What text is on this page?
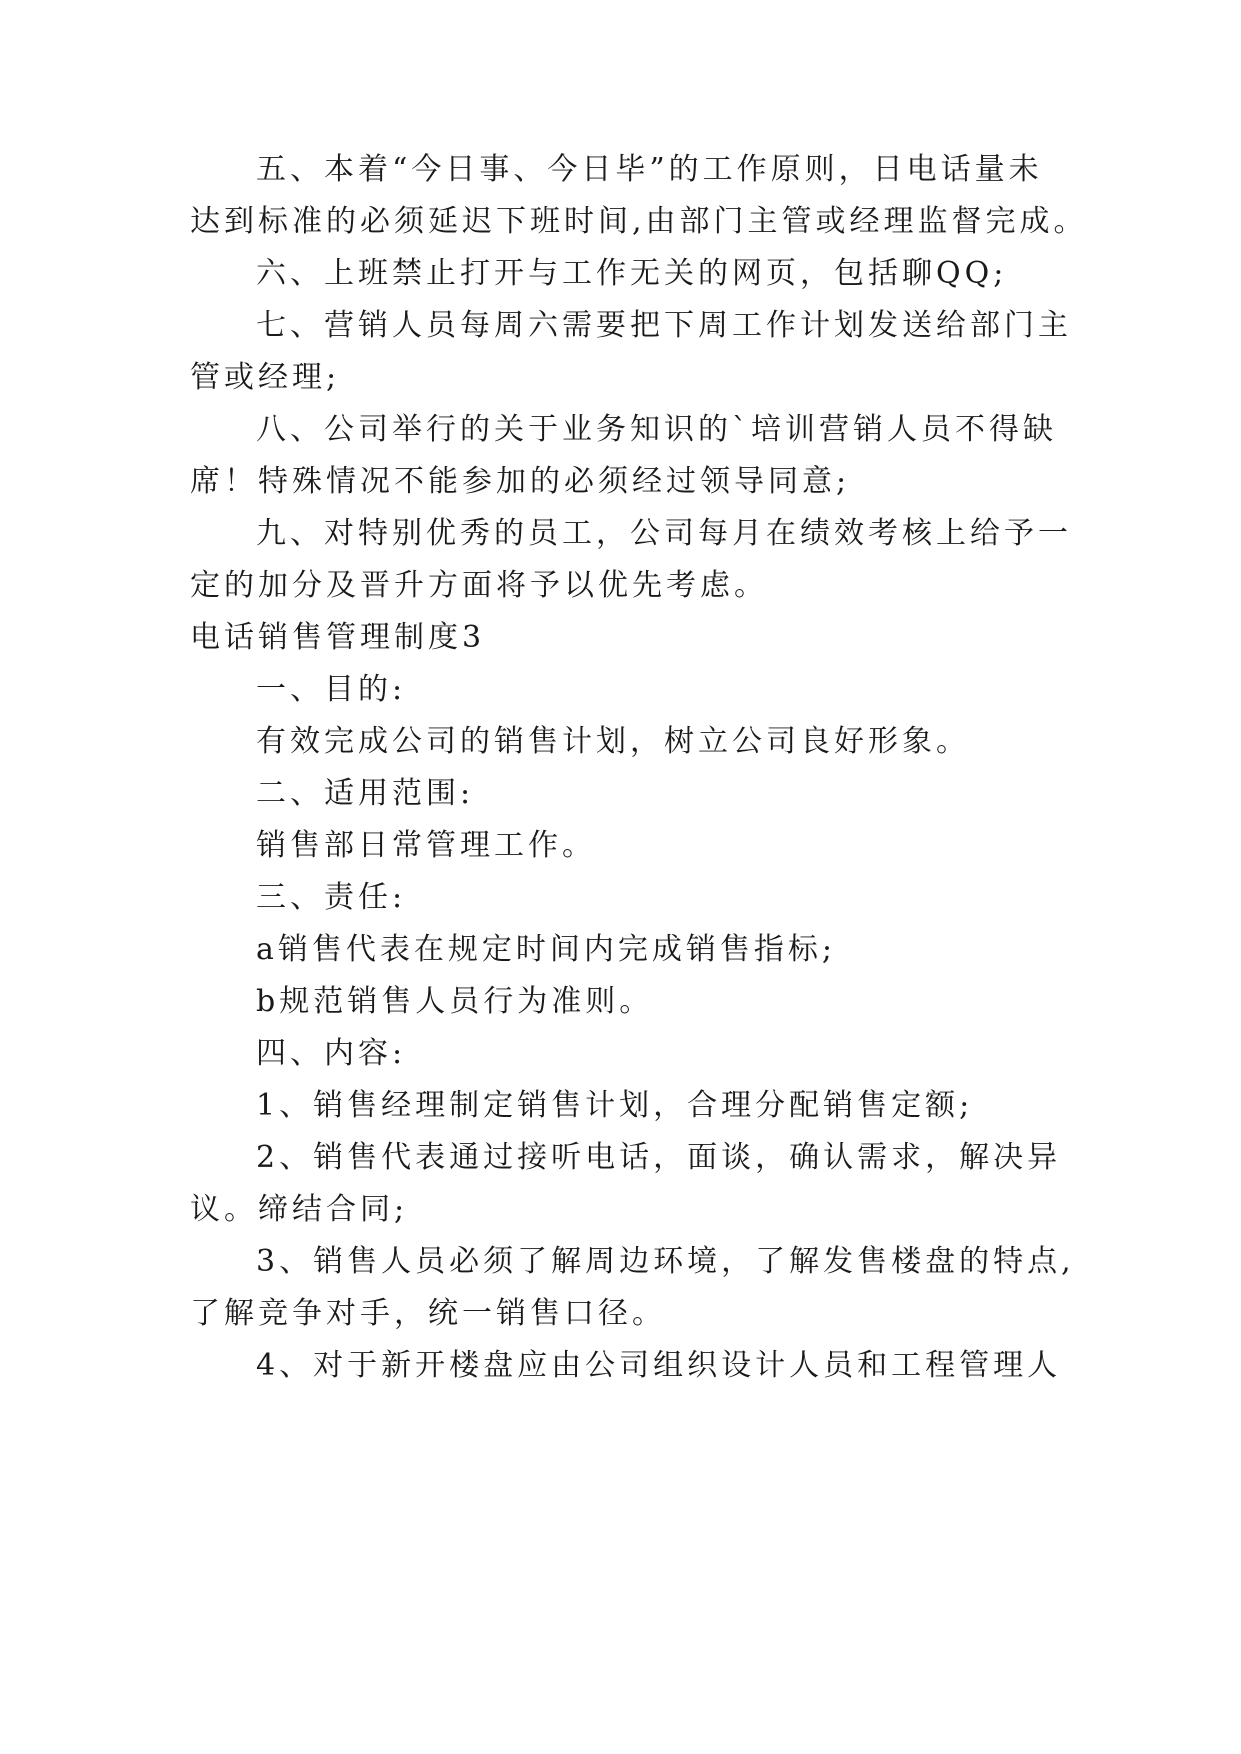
五、本着“今日事、今日毕”的工作原则，日电话量未
达到标准的必须延迟下班时间,由部门主管或经理监督完成。
六、上班禁止打开与工作无关的网页，包括聊QQ;
七、营销人员每周六需要把下周工作计划发送给部门主
管或经理;
八、公司举行的关于业务知识的`培训营销人员不得缺
席！特殊情况不能参加的必须经过领导同意;
九、对特别优秀的员工，公司每月在绩效考核上给予一
定的加分及晋升方面将予以优先考虑。
电话销售管理制度3
一、目的:
有效完成公司的销售计划，树立公司良好形象。
二、适用范围:
销售部日常管理工作。
三、责任:
a销售代表在规定时间内完成销售指标;
b规范销售人员行为准则。
四、内容:
1、销售经理制定销售计划，合理分配销售定额;
2、销售代表通过接听电话，面谈，确认需求，解决异
议。缔结合同;
3、销售人员必须了解周边环境，了解发售楼盘的特点,
了解竞争对手，统一销售口径。
4、对于新开楼盘应由公司组织设计人员和工程管理人
